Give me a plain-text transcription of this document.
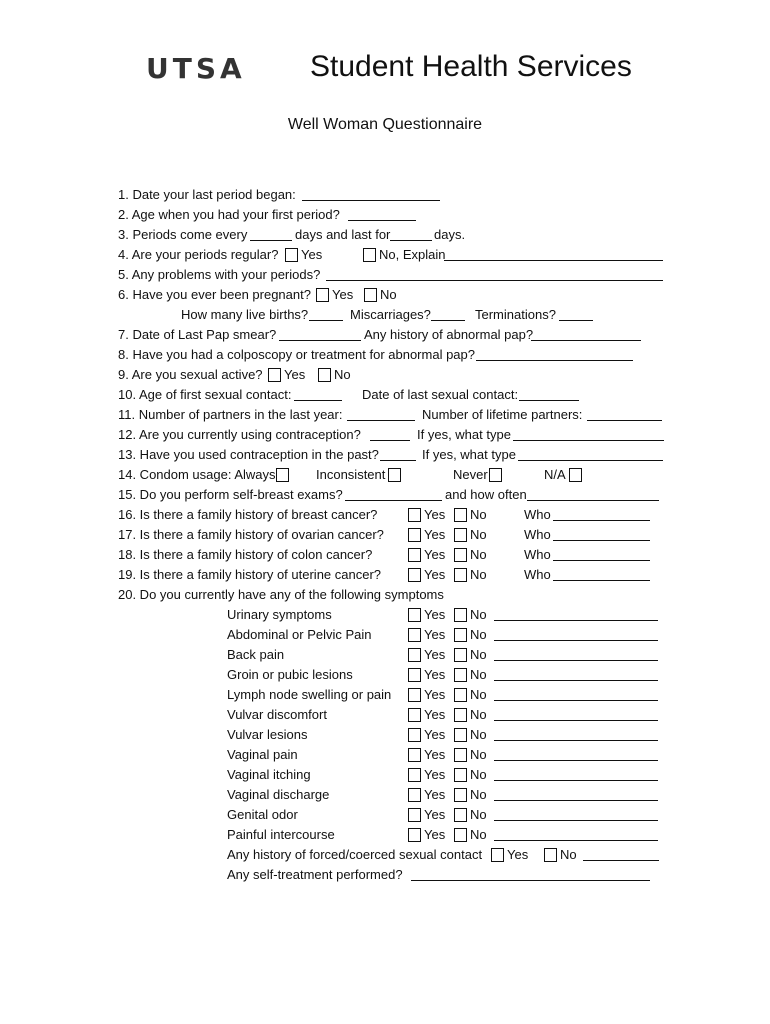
UTSA Student Health Services
Well Woman Questionnaire
1. Date your last period began:
2. Age when you had your first period?
3. Periods come every	days and last for	days.
4. Are your periods regular? Yes	No, Explain
5. Any problems with your periods?
6. Have you ever been pregnant? Yes No
How many live births?	Miscarriages?	Terminations?
7. Date of Last Pap smear?	Any history of abnormal pap?
8. Have you had a colposcopy or treatment for abnormal pap?
9. Are you sexual active? Yes No
10. Age of first sexual contact:	Date of last sexual contact:
11. Number of partners in the last year:	Number of lifetime partners:
12. Are you currently using contraception?	If yes, what type
13. Have you used contraception in the past?	If yes, what type
14. Condom usage: Always	Inconsistent	Never	N/A
15. Do you perform self-breast exams?	and how often
16. Is there a family history of breast cancer?	Yes No	Who
17. Is there a family history of ovarian cancer?	Yes No	Who
18. Is there a family history of colon cancer?	Yes No	Who
19. Is there a family history of uterine cancer?	Yes No	Who
20. Do you currently have any of the following symptoms
Urinary symptoms	Yes No
Abdominal or Pelvic Pain	Yes No
Back pain	Yes No
Groin or pubic lesions	Yes No
Lymph node swelling or pain	Yes No
Vulvar discomfort	Yes No
Vulvar lesions	Yes No
Vaginal pain	Yes No
Vaginal itching	Yes No
Vaginal discharge	Yes No
Genital odor	Yes No
Painful intercourse	Yes No
Any history of forced/coerced sexual contact Yes No
Any self-treatment performed?
